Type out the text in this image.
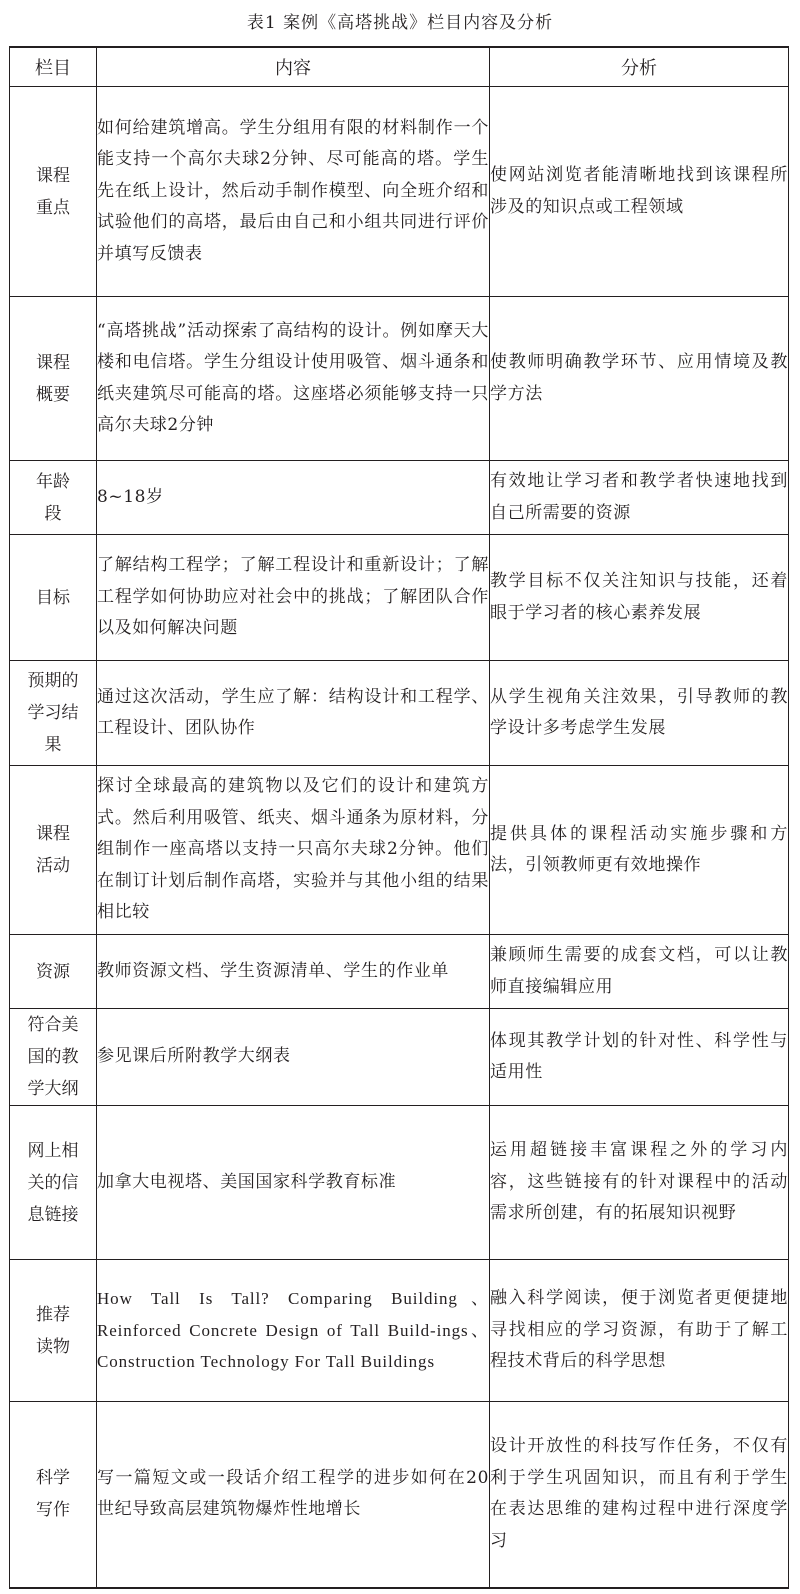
表1 案例《高塔挑战》栏目内容及分析
栏目	内容	分析
课程
重点	如何给建筑增高。学生分组用有限的材料制作一个能支持一个高尔夫球2分钟、尽可能高的塔。学生先在纸上设计，然后动手制作模型、向全班介绍和试验他们的高塔，最后由自己和小组共同进行评价并填写反馈表	使网站浏览者能清晰地找到该课程所涉及的知识点或工程领域
课程
概要	“高塔挑战”活动探索了高结构的设计。例如摩天大楼和电信塔。学生分组设计使用吸管、烟斗通条和纸夹建筑尽可能高的塔。这座塔必须能够支持一只高尔夫球2分钟	使教师明确教学环节、应用情境及教学方法
年龄
段	8~18岁	有效地让学习者和教学者快速地找到自己所需要的资源
目标	了解结构工程学；了解工程设计和重新设计；了解工程学如何协助应对社会中的挑战；了解团队合作以及如何解决问题	教学目标不仅关注知识与技能，还着眼于学习者的核心素养发展
预期的
学习结
果	通过这次活动，学生应了解：结构设计和工程学、工程设计、团队协作	从学生视角关注效果，引导教师的教学设计多考虑学生发展
课程
活动	探讨全球最高的建筑物以及它们的设计和建筑方式。然后利用吸管、纸夹、烟斗通条为原材料，分组制作一座高塔以支持一只高尔夫球2分钟。他们在制订计划后制作高塔，实验并与其他小组的结果相比较	提供具体的课程活动实施步骤和方法，引领教师更有效地操作
资源	教师资源文档、学生资源清单、学生的作业单	兼顾师生需要的成套文档，可以让教师直接编辑应用
符合美
国的教
学大纲	参见课后所附教学大纲表	体现其教学计划的针对性、科学性与适用性
网上相
关的信
息链接	加拿大电视塔、美国国家科学教育标准	运用超链接丰富课程之外的学习内容，这些链接有的针对课程中的活动需求所创建，有的拓展知识视野
推荐
读物	How Tall Is Tall? Comparing Building、Reinforced Concrete Design of Tall Build-ings、Construction Technology For Tall Buildings	融入科学阅读，便于浏览者更便捷地寻找相应的学习资源，有助于了解工程技术背后的科学思想
科学
写作	写一篇短文或一段话介绍工程学的进步如何在20世纪导致高层建筑物爆炸性地增长	设计开放性的科技写作任务，不仅有利于学生巩固知识，而且有利于学生在表达思维的建构过程中进行深度学习
